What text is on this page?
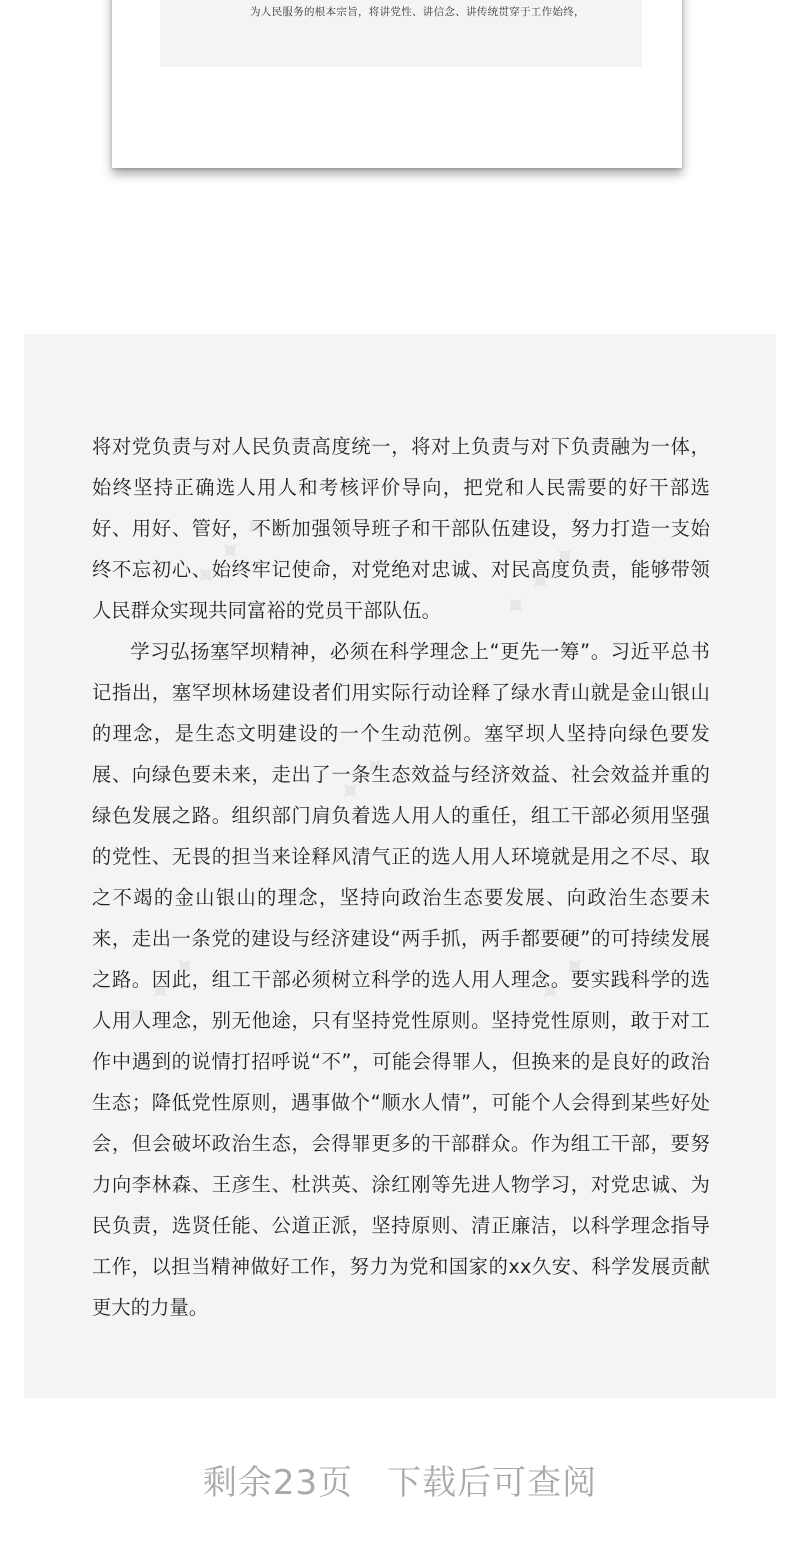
为人民服务的根本宗旨，将讲党性、讲信念、讲传统贯穿于工作始终，
✦ ✦ ✦	✦ ✦ ✦
✦ ✦ ✦
✦ ✦ ✦	✦ ✦ ✦

将对党负责与对人民负责高度统一，将对上负责与对下负责融为一体，始终坚持正确选人用人和考核评价导向，把党和人民需要的好干部选好、用好、管好，不断加强领导班子和干部队伍建设，努力打造一支始终不忘初心、始终牢记使命，对党绝对忠诚、对民高度负责，能够带领人民群众实现共同富裕的党员干部队伍。

学习弘扬塞罕坝精神，必须在科学理念上“更先一筹”。习近平总书记指出，塞罕坝林场建设者们用实际行动诠释了绿水青山就是金山银山的理念，是生态文明建设的一个生动范例。塞罕坝人坚持向绿色要发展、向绿色要未来，走出了一条生态效益与经济效益、社会效益并重的绿色发展之路。组织部门肩负着选人用人的重任，组工干部必须用坚强的党性、无畏的担当来诠释风清气正的选人用人环境就是用之不尽、取之不竭的金山银山的理念，坚持向政治生态要发展、向政治生态要未来，走出一条党的建设与经济建设“两手抓，两手都要硬”的可持续发展之路。因此，组工干部必须树立科学的选人用人理念。要实践科学的选人用人理念，别无他途，只有坚持党性原则。坚持党性原则，敢于对工作中遇到的说情打招呼说“不”，可能会得罪人，但换来的是良好的政治生态；降低党性原则，遇事做个“顺水人情”，可能个人会得到某些好处会，但会破坏政治生态，会得罪更多的干部群众。作为组工干部，要努力向李林森、王彦生、杜洪英、涂红刚等先进人物学习，对党忠诚、为民负责，选贤任能、公道正派，坚持原则、清正廉洁，以科学理念指导工作，以担当精神做好工作，努力为党和国家的xx久安、科学发展贡献更大的力量。

剩余23页 下载后可查阅
